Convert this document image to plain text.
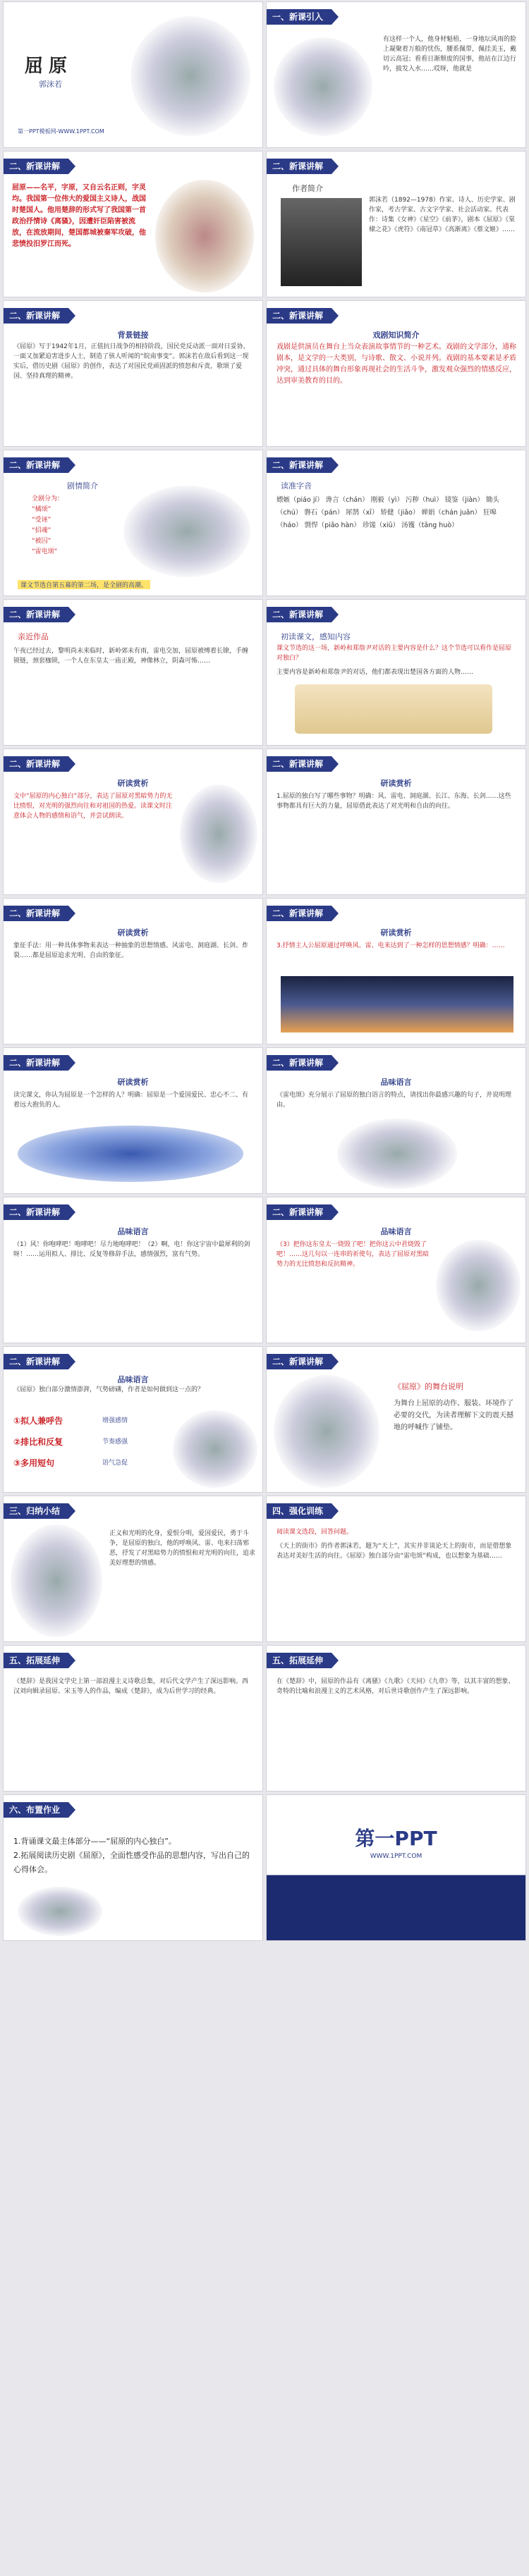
屈原
郭沫若
第一PPT模板网-WWW.1PPT.COM
一、新课引入
有这样一个人，他身材魁梧，一身地坛风雨的脸上凝聚着万般的忧伤，腰系佩带，佩挂美玉，戴切云高冠；看看日渐颓废的国事，他站在江边行吟，披发入水……哎呀，他就是
二、新课讲解
屈原——名平，字原，又自云名正则，字灵均。我国第一位伟大的爱国主义诗人，战国时楚国人。他用楚辞的形式写了我国第一首政治抒情诗《离骚》，因遭奸臣陷害被流放，在流放期间，楚国都城被秦军攻破，他悲愤投汨罗江而死。
二、新课讲解
作者简介
郭沫若（1892—1978）作家、诗人、历史学家、剧作家，考古学家、古文字学家、社会活动家。代表作：诗集《女神》《星空》《前茅》，剧本《屈原》《棠棣之花》《虎符》《南冠草》《高渐离》《蔡文姬》……
二、新课讲解
背景链接
《屈原》写于1942年1月，正值抗日战争的相持阶段，国民党反动派一面对日妥协，一面又加紧迫害进步人士，制造了骇人听闻的“皖南事变”。郭沫若在敌后看到这一现实后，借历史剧《屈原》的创作，表达了对国民党顽固派的愤怒和斥责，歌颂了爱国、坚持真理的精神。
二、新课讲解
戏剧知识简介
戏剧是供演员在舞台上当众表演故事情节的一种艺术。戏剧的文学部分，通称剧本，是文学的一大类别，与诗歌、散文、小说并列。戏剧的基本要素是矛盾冲突，通过具体的舞台形象再现社会的生活斗争，激发观众强烈的情感反应，达到审美教育的目的。
二、新课讲解
剧情简介
全剧分为：
“橘颂”
“受诬”
“招魂”
“被囚”
“雷电颂”
课文节选自第五幕的第二场，是全剧的高潮。
二、新课讲解
读准字音
嫖嫉（piáo jí） 谗言（chán） 刚毅（yì） 污秽（huì） 镜鉴（jiàn） 锄头（chú） 磐石（pán） 犀鹄（xī） 矫健（jiǎo） 婵娟（chán juān） 狂嗥（háo） 剽悍（piāo hàn） 珍馐（xiū） 汤镬（tāng huò）
二、新课讲解
亲近作品
午夜已经过去，黎明尚未来临时，新岭郊未有雨，雷电交加，屈原被缚着长镣，手缠锁链，颈套枷锁，一个人在东皇太一庙正殿，神像林立，阴森可怖……
二、新课讲解
初读课文，感知内容
课文节选的这一场，新岭和郑詹尹对话的主要内容是什么？这个节选可以看作是屈原对独白？
主要内容是新岭和郑詹尹的对话，他们都表现出楚国各方面的人物……
二、新课讲解
研读赏析
文中“屈原的内心独白”部分，表达了屈原对黑暗势力的无比愤恨，对光明的强烈向往和对祖国的热爱。读课文时注意体会人物的感情和语气，并尝试朗读。
二、新课讲解
研读赏析
1.屈原的独白写了哪些事物？明确：风、雷电、洞庭湖、长江、东海、长剑……这些事物都具有巨大的力量，屈原借此表达了对光明和自由的向往。
二、新课讲解
研读赏析
象征手法：用一种具体事物来表达一种抽象的思想情感。风雷电、洞庭湖、长剑、炸裂……都是屈原追求光明、自由的象征。
二、新课讲解
研读赏析
3.抒情主人公屈原通过呼唤风、雷、电来达到了一种怎样的思想情感？明确：……
二、新课讲解
研读赏析
读完课文，你认为屈原是一个怎样的人？明确：屈原是一个爱国爱民、忠心不二、有着远大抱负的人。
二、新课讲解
品味语言
《雷电颂》充分展示了屈原的独白语言的特点，请找出你最感兴趣的句子，并说明理由。
二、新课讲解
品味语言
（1）风！你咆哮吧！咆哮吧！尽力地咆哮吧！（2）啊，电！你这宇宙中最犀利的剑呀！……运用拟人、排比、反复等修辞手法，感情强烈，富有气势。
二、新课讲解
品味语言
（3）把你这东皇太一烧毁了吧！把你这云中君烧毁了吧！……这几句以一连串的祈使句，表达了屈原对黑暗势力的无比愤怒和反抗精神。
二、新课讲解
品味语言
《屈原》独白部分激情澎湃，气势磅礴，作者是如何做到这一点的？
①拟人兼呼告
②排比和反复
③多用短句
增强感情
节奏感强
语气急促
二、新课讲解
《屈原》的舞台说明
为舞台上屈原的动作、服装、环境作了必要的交代，为读者理解下文的震天撼地的呼喊作了铺垫。
三、归纳小结
正义和光明的化身，爱恨分明，爱国爱民，勇于斗争，是屈原的独白，他的呼唤风、雷、电来扫荡邪恶，抒发了对黑暗势力的愤恨和对光明的向往，追求美好理想的情感。
四、强化训练
阅读课文选段，回答问题。
《天上的街市》的作者郭沫若，题为“天上”，其实并非谈论天上的街市，而是借想象表达对美好生活的向往。《屈原》独白部分由“雷电颂”构成，也以想象为基础……
五、拓展延伸
《楚辞》是我国文学史上第一部浪漫主义诗歌总集，对后代文学产生了深远影响。西汉刘向辑录屈原、宋玉等人的作品，编成《楚辞》，成为后世学习的经典。
五、拓展延伸
在《楚辞》中，屈原的作品有《离骚》《九歌》《天问》《九章》等，以其丰富的想象、奇特的比喻和浪漫主义的艺术风格，对后世诗歌创作产生了深远影响。
六、布置作业
1.背诵课文最主体部分——“屈原的内心独白”。
2.拓展阅读历史剧《屈原》，全面性感受作品的思想内容，写出自己的心得体会。
第一PPT
WWW.1PPT.COM
